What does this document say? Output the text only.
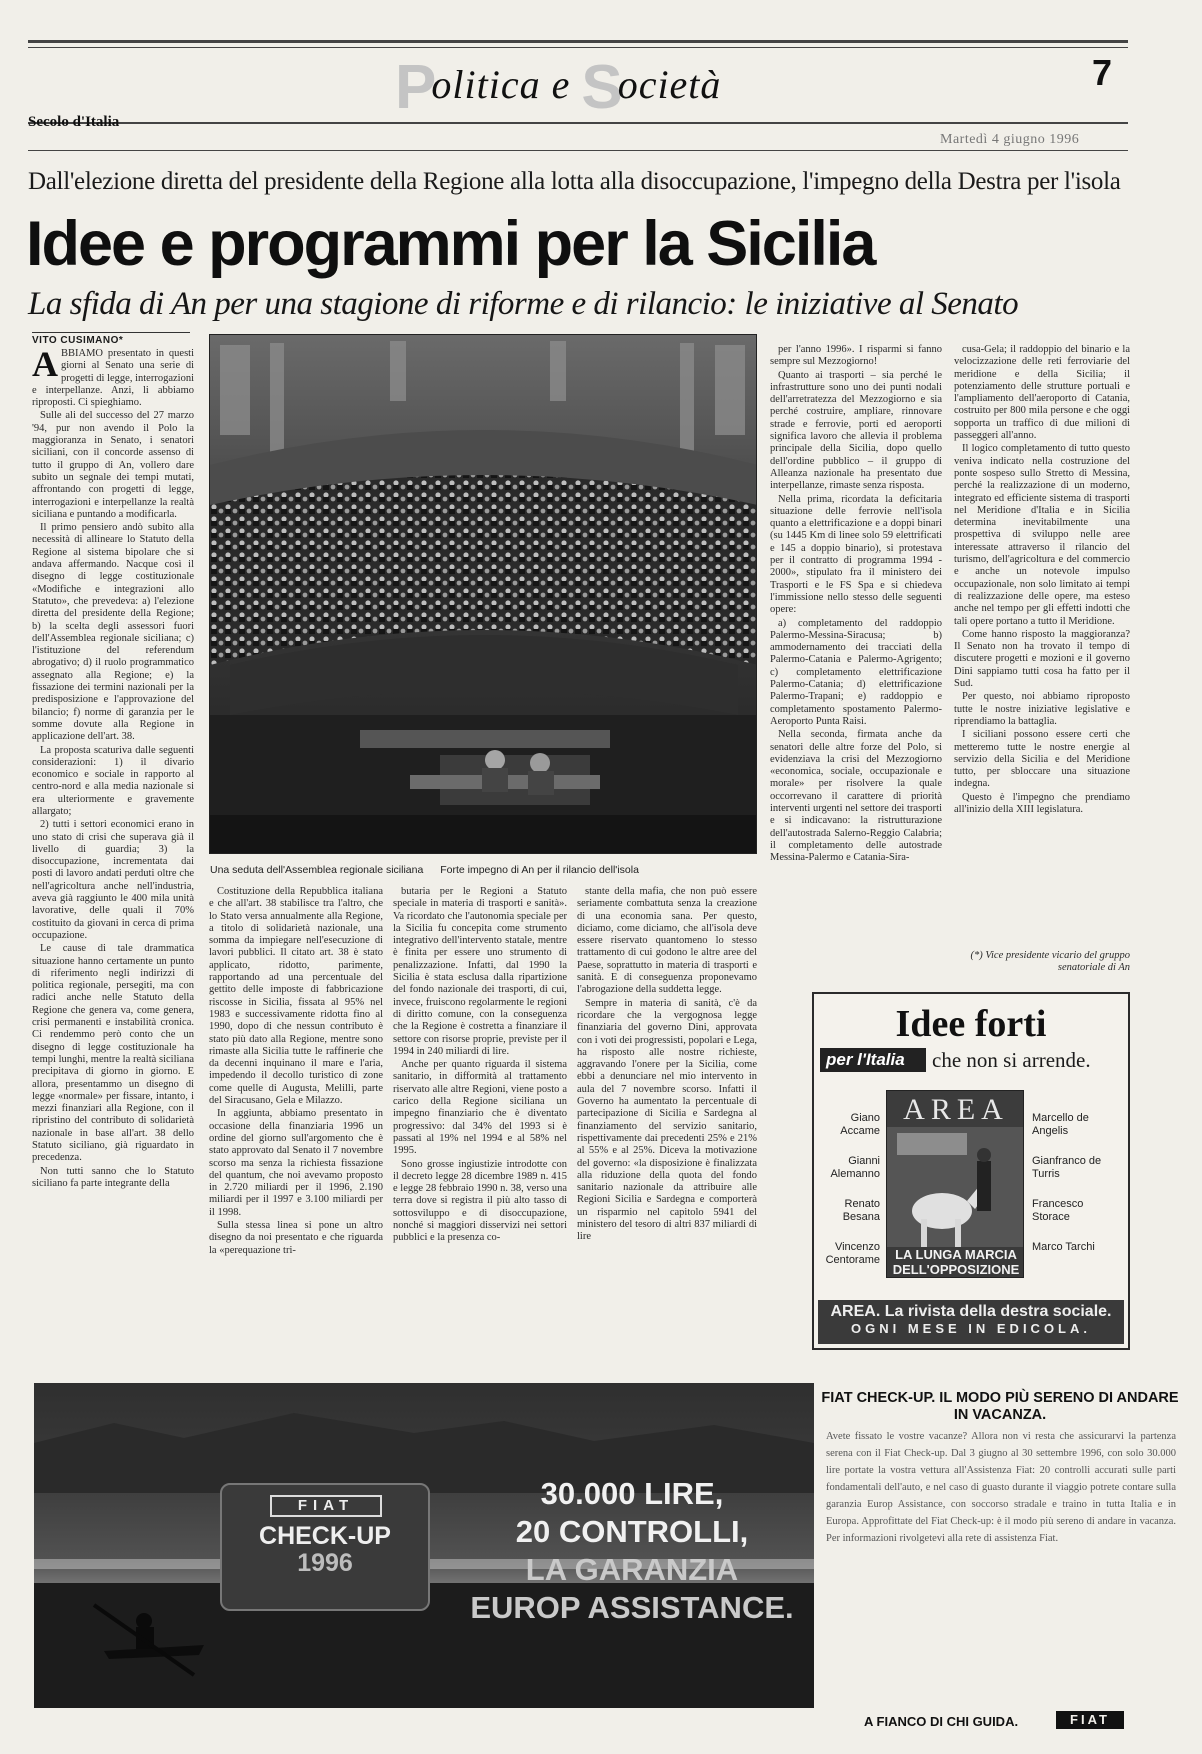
Politica e Società	7
Secolo d'Italia
Martedì 4 giugno 1996
Dall'elezione diretta del presidente della Regione alla lotta alla disoccupazione, l'impegno della Destra per l'isola
Idee e programmi per la Sicilia
La sfida di An per una stagione di riforme e di rilancio: le iniziative al Senato
VITO CUSIMANO*

ABBIAMO presentato in questi giorni al Senato una serie di progetti di legge, interrogazioni e interpellanze. Anzi, li abbiamo riproposti. Ci spieghiamo.

Sulle ali del successo del 27 marzo '94, pur non avendo il Polo la maggioranza in Senato, i senatori siciliani, con il concorde assenso di tutto il gruppo di An, vollero dare subito un segnale dei tempi mutati, affrontando con progetti di legge, interrogazioni e interpellanze la realtà siciliana e puntando a modificarla.

Il primo pensiero andò subito alla necessità di allineare lo Statuto della Regione al sistema bipolare che si andava affermando. Nacque così il disegno di legge costituzionale «Modifiche e integrazioni allo Statuto», che prevedeva: a) l'elezione diretta del presidente della Regione; b) la scelta degli assessori fuori dell'Assemblea regionale siciliana; c) l'istituzione del referendum abrogativo; d) il ruolo programmatico assegnato alla Regione; e) la fissazione dei termini nazionali per la predisposizione e l'approvazione del bilancio; f) norme di garanzia per le somme dovute alla Regione in applicazione dell'art. 38.

La proposta scaturiva dalle seguenti considerazioni: 1) il divario economico e sociale in rapporto al centro-nord e alla media nazionale si era ulteriormente e gravemente allargato;

2) tutti i settori economici erano in uno stato di crisi che superava già il livello di guardia; 3) la disoccupazione, incrementata dai posti di lavoro andati perduti oltre che nell'agricoltura anche nell'industria, aveva già raggiunto le 400 mila unità lavorative, delle quali il 70% costituito da giovani in cerca di prima occupazione.

Le cause di tale drammatica situazione hanno certamente un punto di riferimento negli indirizzi di politica regionale, persegiti, ma con radici anche nelle Statuto della Regione che genera va, come genera, crisi permanenti e instabilità cronica. Ci rendemmo però conto che un disegno di legge costituzionale ha tempi lunghi, mentre la realtà siciliana precipitava di giorno in giorno. E allora, presentammo un disegno di legge «normale» per fissare, intanto, i mezzi finanziari alla Regione, con il ripristino del contributo di solidarietà nazionale in base all'art. 38 dello Statuto siciliano, già riguardato in precedenza.

Non tutti sanno che lo Statuto siciliano fa parte integrante della

Una seduta dell'Assemblea regionale siciliana Forte impegno di An per il rilancio dell'isola

Costituzione della Repubblica italiana e che all'art. 38 stabilisce tra l'altro, che lo Stato versa annualmente alla Regione, a titolo di solidarietà nazionale, una somma da impiegare nell'esecuzione di lavori pubblici. Il citato art. 38 è stato applicato, ridotto, parimente, rapportando ad una percentuale del gettito delle imposte di fabbricazione riscosse in Sicilia, fissata al 95% nel 1983 e successivamente ridotta fino al 1990, dopo di che nessun contributo è stato più dato alla Regione, mentre sono rimaste alla Sicilia tutte le raffinerie che da decenni inquinano il mare e l'aria, impedendo il decollo turistico di zone come quelle di Augusta, Melilli, parte del Siracusano, Gela e Milazzo.

In aggiunta, abbiamo presentato in occasione della finanziaria 1996 un ordine del giorno sull'argomento che è stato approvato dal Senato il 7 novembre scorso ma senza la richiesta fissazione del quantum, che noi avevamo proposto in 2.720 miliardi per il 1996, 2.190 miliardi per il 1997 e 3.100 miliardi per il 1998.

Sulla stessa linea si pone un altro disegno da noi presentato e che riguarda la «perequazione tri-

butaria per le Regioni a Statuto speciale in materia di trasporti e sanità». Va ricordato che l'autonomia speciale per la Sicilia fu concepita come strumento integrativo dell'intervento statale, mentre è finita per essere uno strumento di penalizzazione. Infatti, dal 1990 la Sicilia è stata esclusa dalla ripartizione del fondo nazionale dei trasporti, di cui, invece, fruiscono regolarmente le regioni di diritto comune, con la conseguenza che la Regione è costretta a finanziare il settore con risorse proprie, previste per il 1994 in 240 miliardi di lire.

Anche per quanto riguarda il sistema sanitario, in difformità al trattamento riservato alle altre Regioni, viene posto a carico della Regione siciliana un impegno finanziario che è diventato progressivo: dal 34% del 1993 si è passati al 19% nel 1994 e al 58% nel 1995.

Sono grosse ingiustizie introdotte con il decreto legge 28 dicembre 1989 n. 415 e legge 28 febbraio 1990 n. 38, verso una terra dove si registra il più alto tasso di sottosviluppo e di disoccupazione, nonché si maggiori disservizi nei settori pubblici e la presenza co-

stante della mafia, che non può essere seriamente combattuta senza la creazione di una economia sana. Per questo, diciamo, come diciamo, che all'isola deve essere riservato quantomeno lo stesso trattamento di cui godono le altre aree del Paese, soprattutto in materia di trasporti e sanità. E di conseguenza proponevamo l'abrogazione della suddetta legge.

Sempre in materia di sanità, c'è da ricordare che la vergognosa legge finanziaria del governo Dini, approvata con i voti dei progressisti, popolari e Lega, ha risposto alle nostre richieste, aggravando l'onere per la Sicilia, come ebbi a denunciare nel mio intervento in aula del 7 novembre scorso. Infatti il Governo ha aumentato la percentuale di partecipazione di Sicilia e Sardegna al finanziamento del servizio sanitario, rispettivamente dai precedenti 25% e 21% al 55% e al 25%. Diceva la motivazione del governo: «la disposizione è finalizzata alla riduzione della quota del fondo sanitario nazionale da attribuire alle Regioni Sicilia e Sardegna e comporterà un risparmio nel capitolo 5941 del ministero del tesoro di altri 837 miliardi di lire

per l'anno 1996». I risparmi si fanno sempre sul Mezzogiorno!

Quanto ai trasporti – sia perché le infrastrutture sono uno dei punti nodali dell'arretratezza del Mezzogiorno e sia perché costruire, ampliare, rinnovare strade e ferrovie, porti ed aeroporti significa lavoro che allevia il problema principale della Sicilia, dopo quello dell'ordine pubblico – il gruppo di Alleanza nazionale ha presentato due interpellanze, rimaste senza risposta.

Nella prima, ricordata la deficitaria situazione delle ferrovie nell'isola quanto a elettrificazione e a doppi binari (su 1445 Km di linee solo 59 elettrificati e 145 a doppio binario), si protestava per il contratto di programma 1994 - 2000», stipulato fra il ministero dei Trasporti e le FS Spa e si chiedeva l'immissione nello stesso delle seguenti opere:

a) completamento del raddoppio Palermo-Messina-Siracusa; b) ammodernamento dei tracciati della Palermo-Catania e Palermo-Agrigento; c) completamento elettrificazione Palermo-Catania; d) elettrificazione Palermo-Trapani; e) raddoppio e completamento spostamento Palermo-Aeroporto Punta Raisi.

Nella seconda, firmata anche da senatori delle altre forze del Polo, si evidenziava la crisi del Mezzogiorno «economica, sociale, occupazionale e morale» per risolvere la quale occorrevano il carattere di priorità interventi urgenti nel settore dei trasporti e si indicavano: la ristrutturazione dell'autostrada Salerno-Reggio Calabria; il completamento delle autostrade Messina-Palermo e Catania-Sira-

cusa-Gela; il raddoppio del binario e la velocizzazione delle reti ferroviarie del meridione e della Sicilia; il potenziamento delle strutture portuali e l'ampliamento dell'aeroporto di Catania, costruito per 800 mila persone e che oggi sopporta un traffico di due milioni di passeggeri all'anno.

Il logico completamento di tutto questo veniva indicato nella costruzione del ponte sospeso sullo Stretto di Messina, perché la realizzazione di un moderno, integrato ed efficiente sistema di trasporti nel Meridione d'Italia e in Sicilia determina inevitabilmente una prospettiva di sviluppo nelle aree interessate attraverso il rilancio del turismo, dell'agricoltura e del commercio e anche un notevole impulso occupazionale, non solo limitato ai tempi di realizzazione delle opere, ma esteso anche nel tempo per gli effetti indotti che tali opere portano a tutto il Meridione.

Come hanno risposto la maggioranza? Il Senato non ha trovato il tempo di discutere progetti e mozioni e il governo Dini sappiamo tutti cosa ha fatto per il Sud.

Per questo, noi abbiamo riproposto tutte le nostre iniziative legislative e riprendiamo la battaglia.

I siciliani possono essere certi che metteremo tutte le nostre energie al servizio della Sicilia e del Meridione tutto, per sbloccare una situazione indegna.

Questo è l'impegno che prendiamo all'inizio della XIII legislatura.

(*) Vice presidente vicario del gruppo senatoriale di An
Idee forti
per l'Italia	che non si arrende.
Giano Accame
Gianni Alemanno
Renato Besana
Vincenzo Centorame
AREA
LA LUNGA MARCIA DELL'OPPOSIZIONE
Marcello de Angelis
Gianfranco de Turris
Francesco Storace
Marco Tarchi
AREA. La rivista della destra sociale.
OGNI MESE IN EDICOLA.
FIAT
CHECK-UP
1996
30.000 LIRE,
20 CONTROLLI,
LA GARANZIA
EUROP ASSISTANCE.
FIAT CHECK-UP. IL MODO PIÙ SERENO DI ANDARE IN VACANZA.
Avete fissato le vostre vacanze? Allora non vi resta che assicurarvi la partenza serena con il Fiat Check-up. Dal 3 giugno al 30 settembre 1996, con solo 30.000 lire portate la vostra vettura all'Assistenza Fiat: 20 controlli accurati sulle parti fondamentali dell'auto, e nel caso di guasto durante il viaggio potrete contare sulla garanzia Europ Assistance, con soccorso stradale e traino in tutta Italia e in Europa. Approfittate del Fiat Check-up: è il modo più sereno di andare in vacanza. Per informazioni rivolgetevi alla rete di assistenza Fiat.
A FIANCO DI CHI GUIDA.	FIAT
